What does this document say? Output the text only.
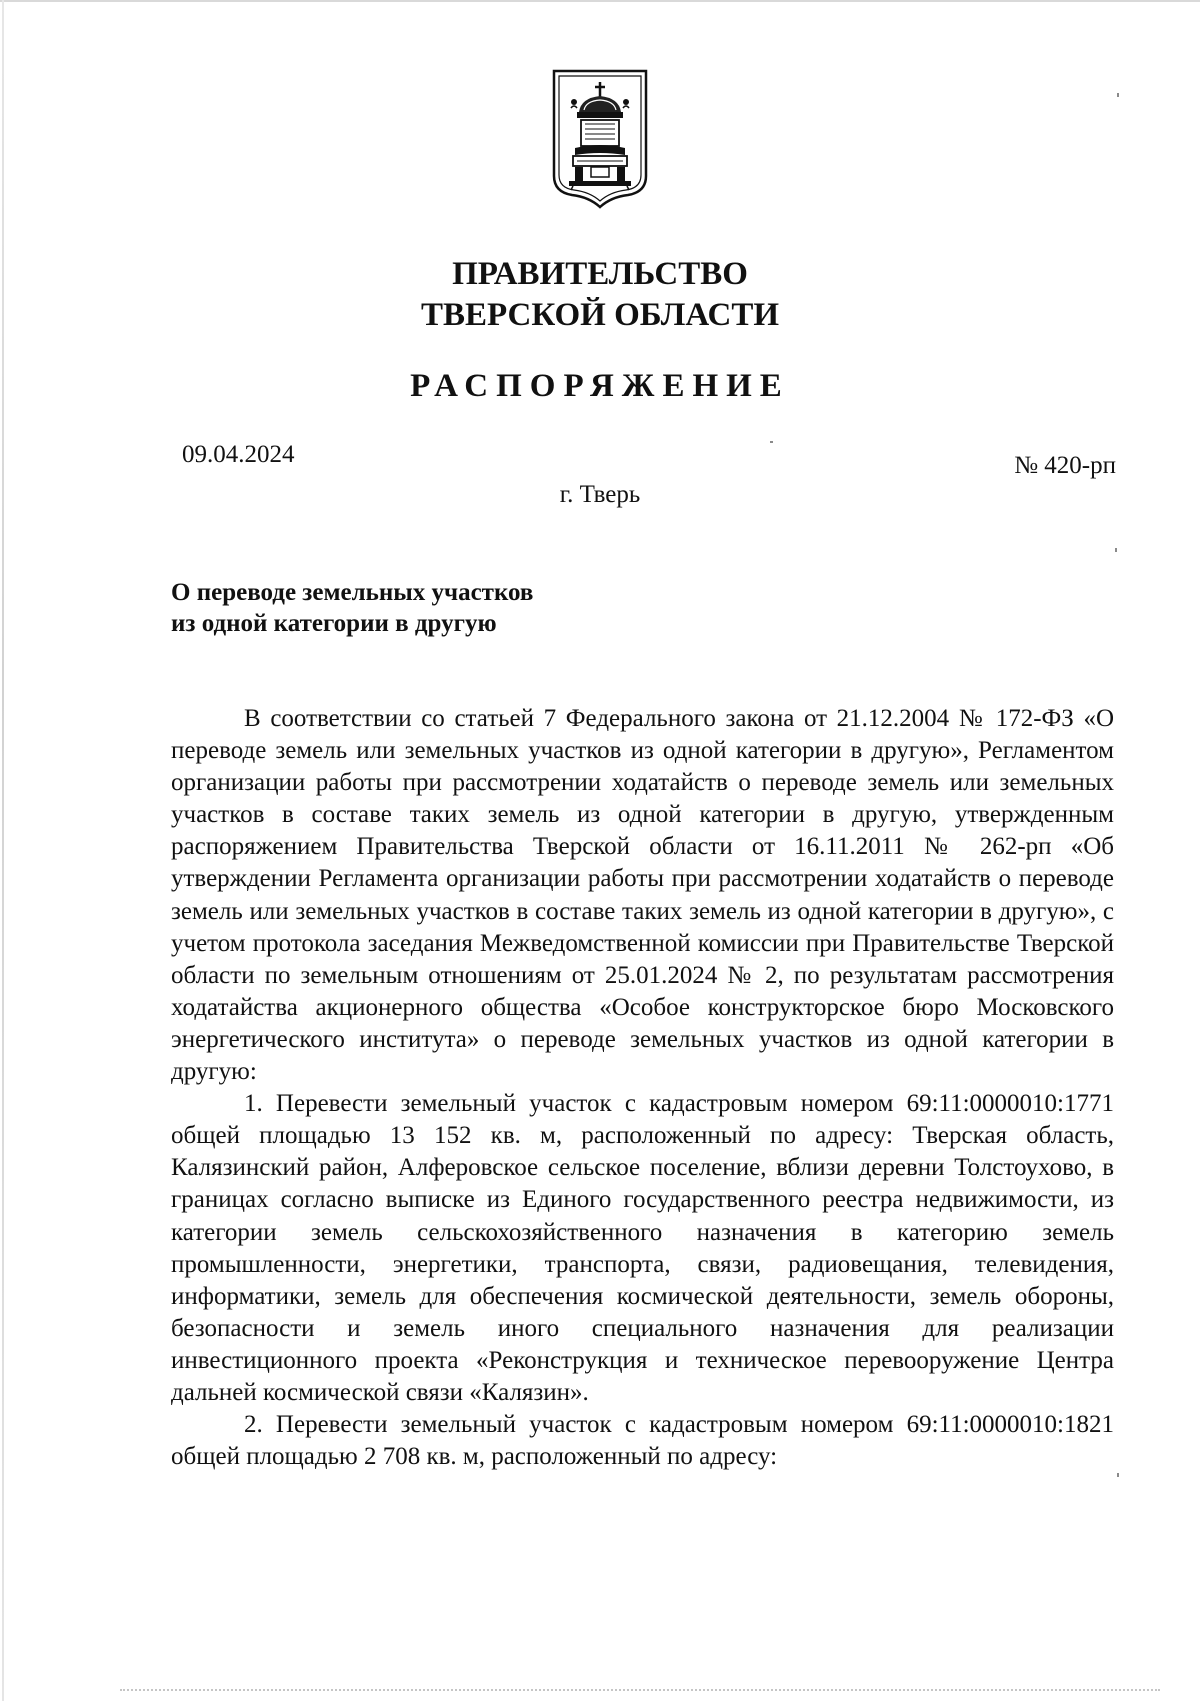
ПРАВИТЕЛЬСТВО
ТВЕРСКОЙ ОБЛАСТИ
РАСПОРЯЖЕНИЕ
09.04.2024	№ 420-рп
г. Тверь
О переводе земельных участков
из одной категории в другую

В соответствии со статьей 7 Федерального закона от 21.12.2004 № 172-ФЗ «О переводе земель или земельных участков из одной категории в другую», Регламентом организации работы при рассмотрении ходатайств о переводе земель или земельных участков в составе таких земель из одной категории в другую, утвержденным распоряжением Правительства Тверской области от 16.11.2011 № 262-рп «Об утверждении Регламента организации работы при рассмотрении ходатайств о переводе земель или земельных участков в составе таких земель из одной категории в другую», с учетом протокола заседания Межведомственной комиссии при Правительстве Тверской области по земельным отношениям от 25.01.2024 № 2, по результатам рассмотрения ходатайства акционерного общества «Особое конструкторское бюро Московского энергетического института» о переводе земельных участков из одной категории в другую:

1. Перевести земельный участок с кадастровым номером 69:11:0000010:1771 общей площадью 13 152 кв. м, расположенный по адресу: Тверская область, Калязинский район, Алферовское сельское поселение, вблизи деревни Толстоухово, в границах согласно выписке из Единого государственного реестра недвижимости, из категории земель сельскохозяйственного назначения в категорию земель промышленности, энергетики, транспорта, связи, радиовещания, телевидения, информатики, земель для обеспечения космической деятельности, земель обороны, безопасности и земель иного специального назначения для реализации инвестиционного проекта «Реконструкция и техническое перевооружение Центра дальней космической связи «Калязин».

2. Перевести земельный участок с кадастровым номером 69:11:0000010:1821 общей площадью 2 708 кв. м, расположенный по адресу:
